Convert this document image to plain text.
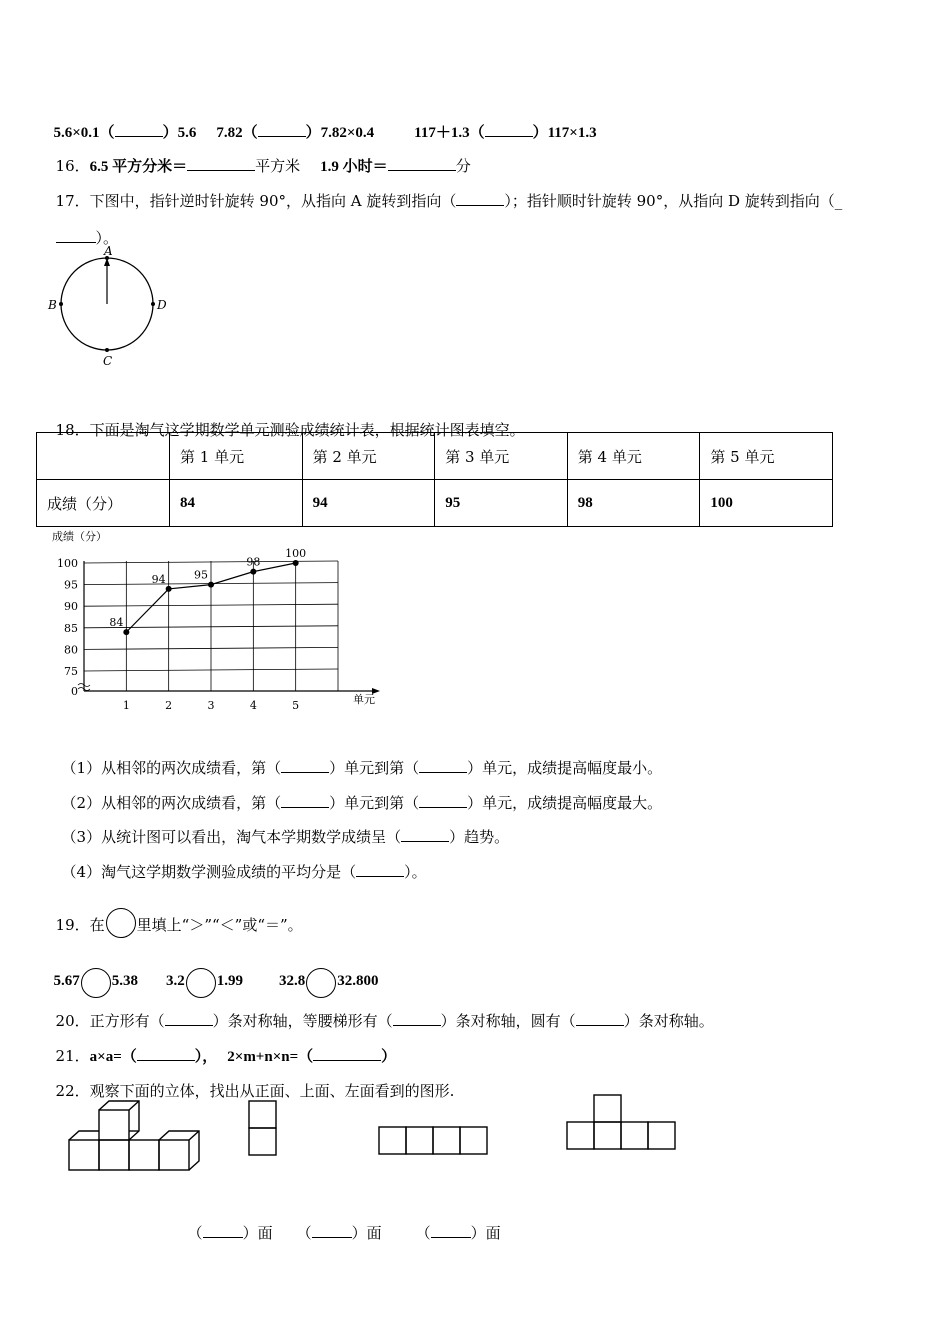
5.6×0.1（	）5.6 7.82（	）7.82×0.4	117＋1.3（	）117×1.3

16．6.5 平方分米＝	平方米 1.9 小时＝	分

17．下图中，指针逆时针旋转 90°，从指向 A 旋转到指向（	）；指针顺时针旋转 90°，从指向 D 旋转到指向（_

）。

A
B	D
C

18．下面是淘气这学期数学单元测验成绩统计表，根据统计图表填空。

	第 1 单元	第 2 单元	第 3 单元	第 4 单元	第 5 单元
成绩（分）	84	94	95	98	100
成绩（分）
单元
0
75
80
85
90
95
100
1	2	3	4	5
84
94	95
98
100

（1）从相邻的两次成绩看，第（	）单元到第（	）单元，成绩提高幅度最小。

（2）从相邻的两次成绩看，第（	）单元到第（	）单元，成绩提高幅度最大。

（3）从统计图可以看出，淘气本学期数学成绩呈（	）趋势。

（4）淘气这学期数学测验成绩的平均分是（	）。

19．在 里填上“＞”“＜”或“＝”。

5.67 5.38 3.2 1.99 32.8 32.800

20．正方形有（	）条对称轴，等腰梯形有（	）条对称轴，圆有（	）条对称轴。

21．a×a=（	）， 2×m+n×n=（	）

22．观察下面的立体，找出从正面、上面、左面看到的图形.

（	）面 （	）面 （	）面
